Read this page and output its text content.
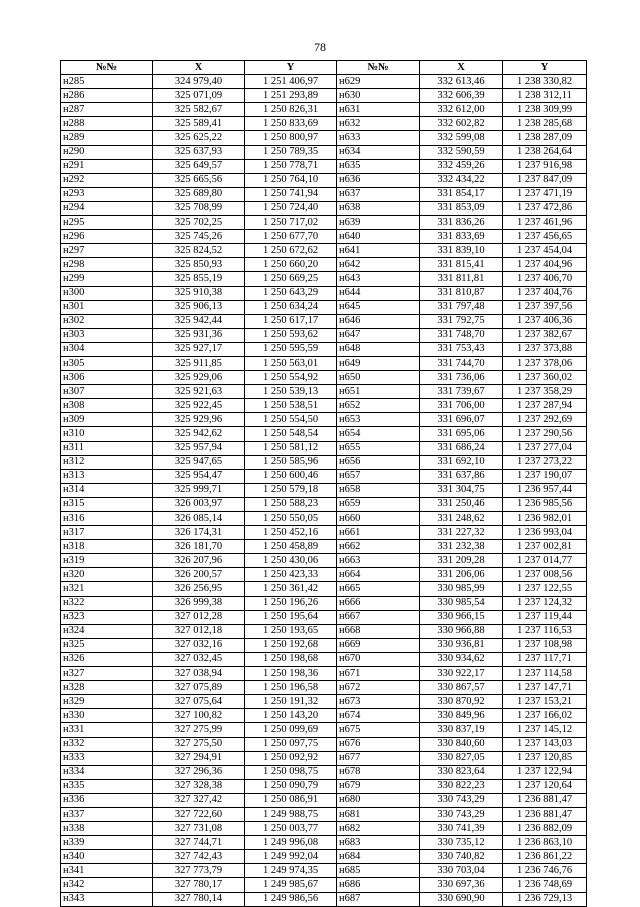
78
№№	X	Y	№№	X	Y
н285	324 979,40	1 251 406,97	н629	332 613,46	1 238 330,82
н286	325 071,09	1 251 293,89	н630	332 606,39	1 238 312,11
н287	325 582,67	1 250 826,31	н631	332 612,00	1 238 309,99
н288	325 589,41	1 250 833,69	н632	332 602,82	1 238 285,68
н289	325 625,22	1 250 800,97	н633	332 599,08	1 238 287,09
н290	325 637,93	1 250 789,35	н634	332 590,59	1 238 264,64
н291	325 649,57	1 250 778,71	н635	332 459,26	1 237 916,98
н292	325 665,56	1 250 764,10	н636	332 434,22	1 237 847,09
н293	325 689,80	1 250 741,94	н637	331 854,17	1 237 471,19
н294	325 708,99	1 250 724,40	н638	331 853,09	1 237 472,86
н295	325 702,25	1 250 717,02	н639	331 836,26	1 237 461,96
н296	325 745,26	1 250 677,70	н640	331 833,69	1 237 456,65
н297	325 824,52	1 250 672,62	н641	331 839,10	1 237 454,04
н298	325 850,93	1 250 660,20	н642	331 815,41	1 237 404,96
н299	325 855,19	1 250 669,25	н643	331 811,81	1 237 406,70
н300	325 910,38	1 250 643,29	н644	331 810,87	1 237 404,76
н301	325 906,13	1 250 634,24	н645	331 797,48	1 237 397,56
н302	325 942,44	1 250 617,17	н646	331 792,75	1 237 406,36
н303	325 931,36	1 250 593,62	н647	331 748,70	1 237 382,67
н304	325 927,17	1 250 595,59	н648	331 753,43	1 237 373,88
н305	325 911,85	1 250 563,01	н649	331 744,70	1 237 378,06
н306	325 929,06	1 250 554,92	н650	331 736,06	1 237 360,02
н307	325 921,63	1 250 539,13	н651	331 739,67	1 237 358,29
н308	325 922,45	1 250 538,51	н652	331 706,00	1 237 287,94
н309	325 929,96	1 250 554,50	н653	331 696,07	1 237 292,69
н310	325 942,62	1 250 548,54	н654	331 695,06	1 237 290,56
н311	325 957,94	1 250 581,12	н655	331 686,24	1 237 277,04
н312	325 947,65	1 250 585,96	н656	331 692,10	1 237 273,22
н313	325 954,47	1 250 600,46	н657	331 637,86	1 237 190,07
н314	325 999,71	1 250 579,18	н658	331 304,75	1 236 957,44
н315	326 003,97	1 250 588,23	н659	331 250,46	1 236 985,56
н316	326 085,14	1 250 550,05	н660	331 248,62	1 236 982,01
н317	326 174,31	1 250 452,16	н661	331 227,32	1 236 993,04
н318	326 181,70	1 250 458,89	н662	331 232,38	1 237 002,81
н319	326 207,96	1 250 430,06	н663	331 209,28	1 237 014,77
н320	326 200,57	1 250 423,33	н664	331 206,06	1 237 008,56
н321	326 256,95	1 250 361,42	н665	330 985,99	1 237 122,55
н322	326 999,38	1 250 196,26	н666	330 985,54	1 237 124,32
н323	327 012,28	1 250 195,64	н667	330 966,15	1 237 119,44
н324	327 012,18	1 250 193,65	н668	330 966,88	1 237 116,53
н325	327 032,16	1 250 192,68	н669	330 936,81	1 237 108,98
н326	327 032,45	1 250 198,68	н670	330 934,62	1 237 117,71
н327	327 038,94	1 250 198,36	н671	330 922,17	1 237 114,58
н328	327 075,89	1 250 196,58	н672	330 867,57	1 237 147,71
н329	327 075,64	1 250 191,32	н673	330 870,92	1 237 153,21
н330	327 100,82	1 250 143,20	н674	330 849,96	1 237 166,02
н331	327 275,99	1 250 099,69	н675	330 837,19	1 237 145,12
н332	327 275,50	1 250 097,75	н676	330 840,60	1 237 143,03
н333	327 294,91	1 250 092,92	н677	330 827,05	1 237 120,85
н334	327 296,36	1 250 098,75	н678	330 823,64	1 237 122,94
н335	327 328,38	1 250 090,79	н679	330 822,23	1 237 120,64
н336	327 327,42	1 250 086,91	н680	330 743,29	1 236 881,47
н337	327 722,60	1 249 988,75	н681	330 743,29	1 236 881,47
н338	327 731,08	1 250 003,77	н682	330 741,39	1 236 882,09
н339	327 744,71	1 249 996,08	н683	330 735,12	1 236 863,10
н340	327 742,43	1 249 992,04	н684	330 740,82	1 236 861,22
н341	327 773,79	1 249 974,35	н685	330 703,04	1 236 746,76
н342	327 780,17	1 249 985,67	н686	330 697,36	1 236 748,69
н343	327 780,14	1 249 986,56	н687	330 690,90	1 236 729,13
